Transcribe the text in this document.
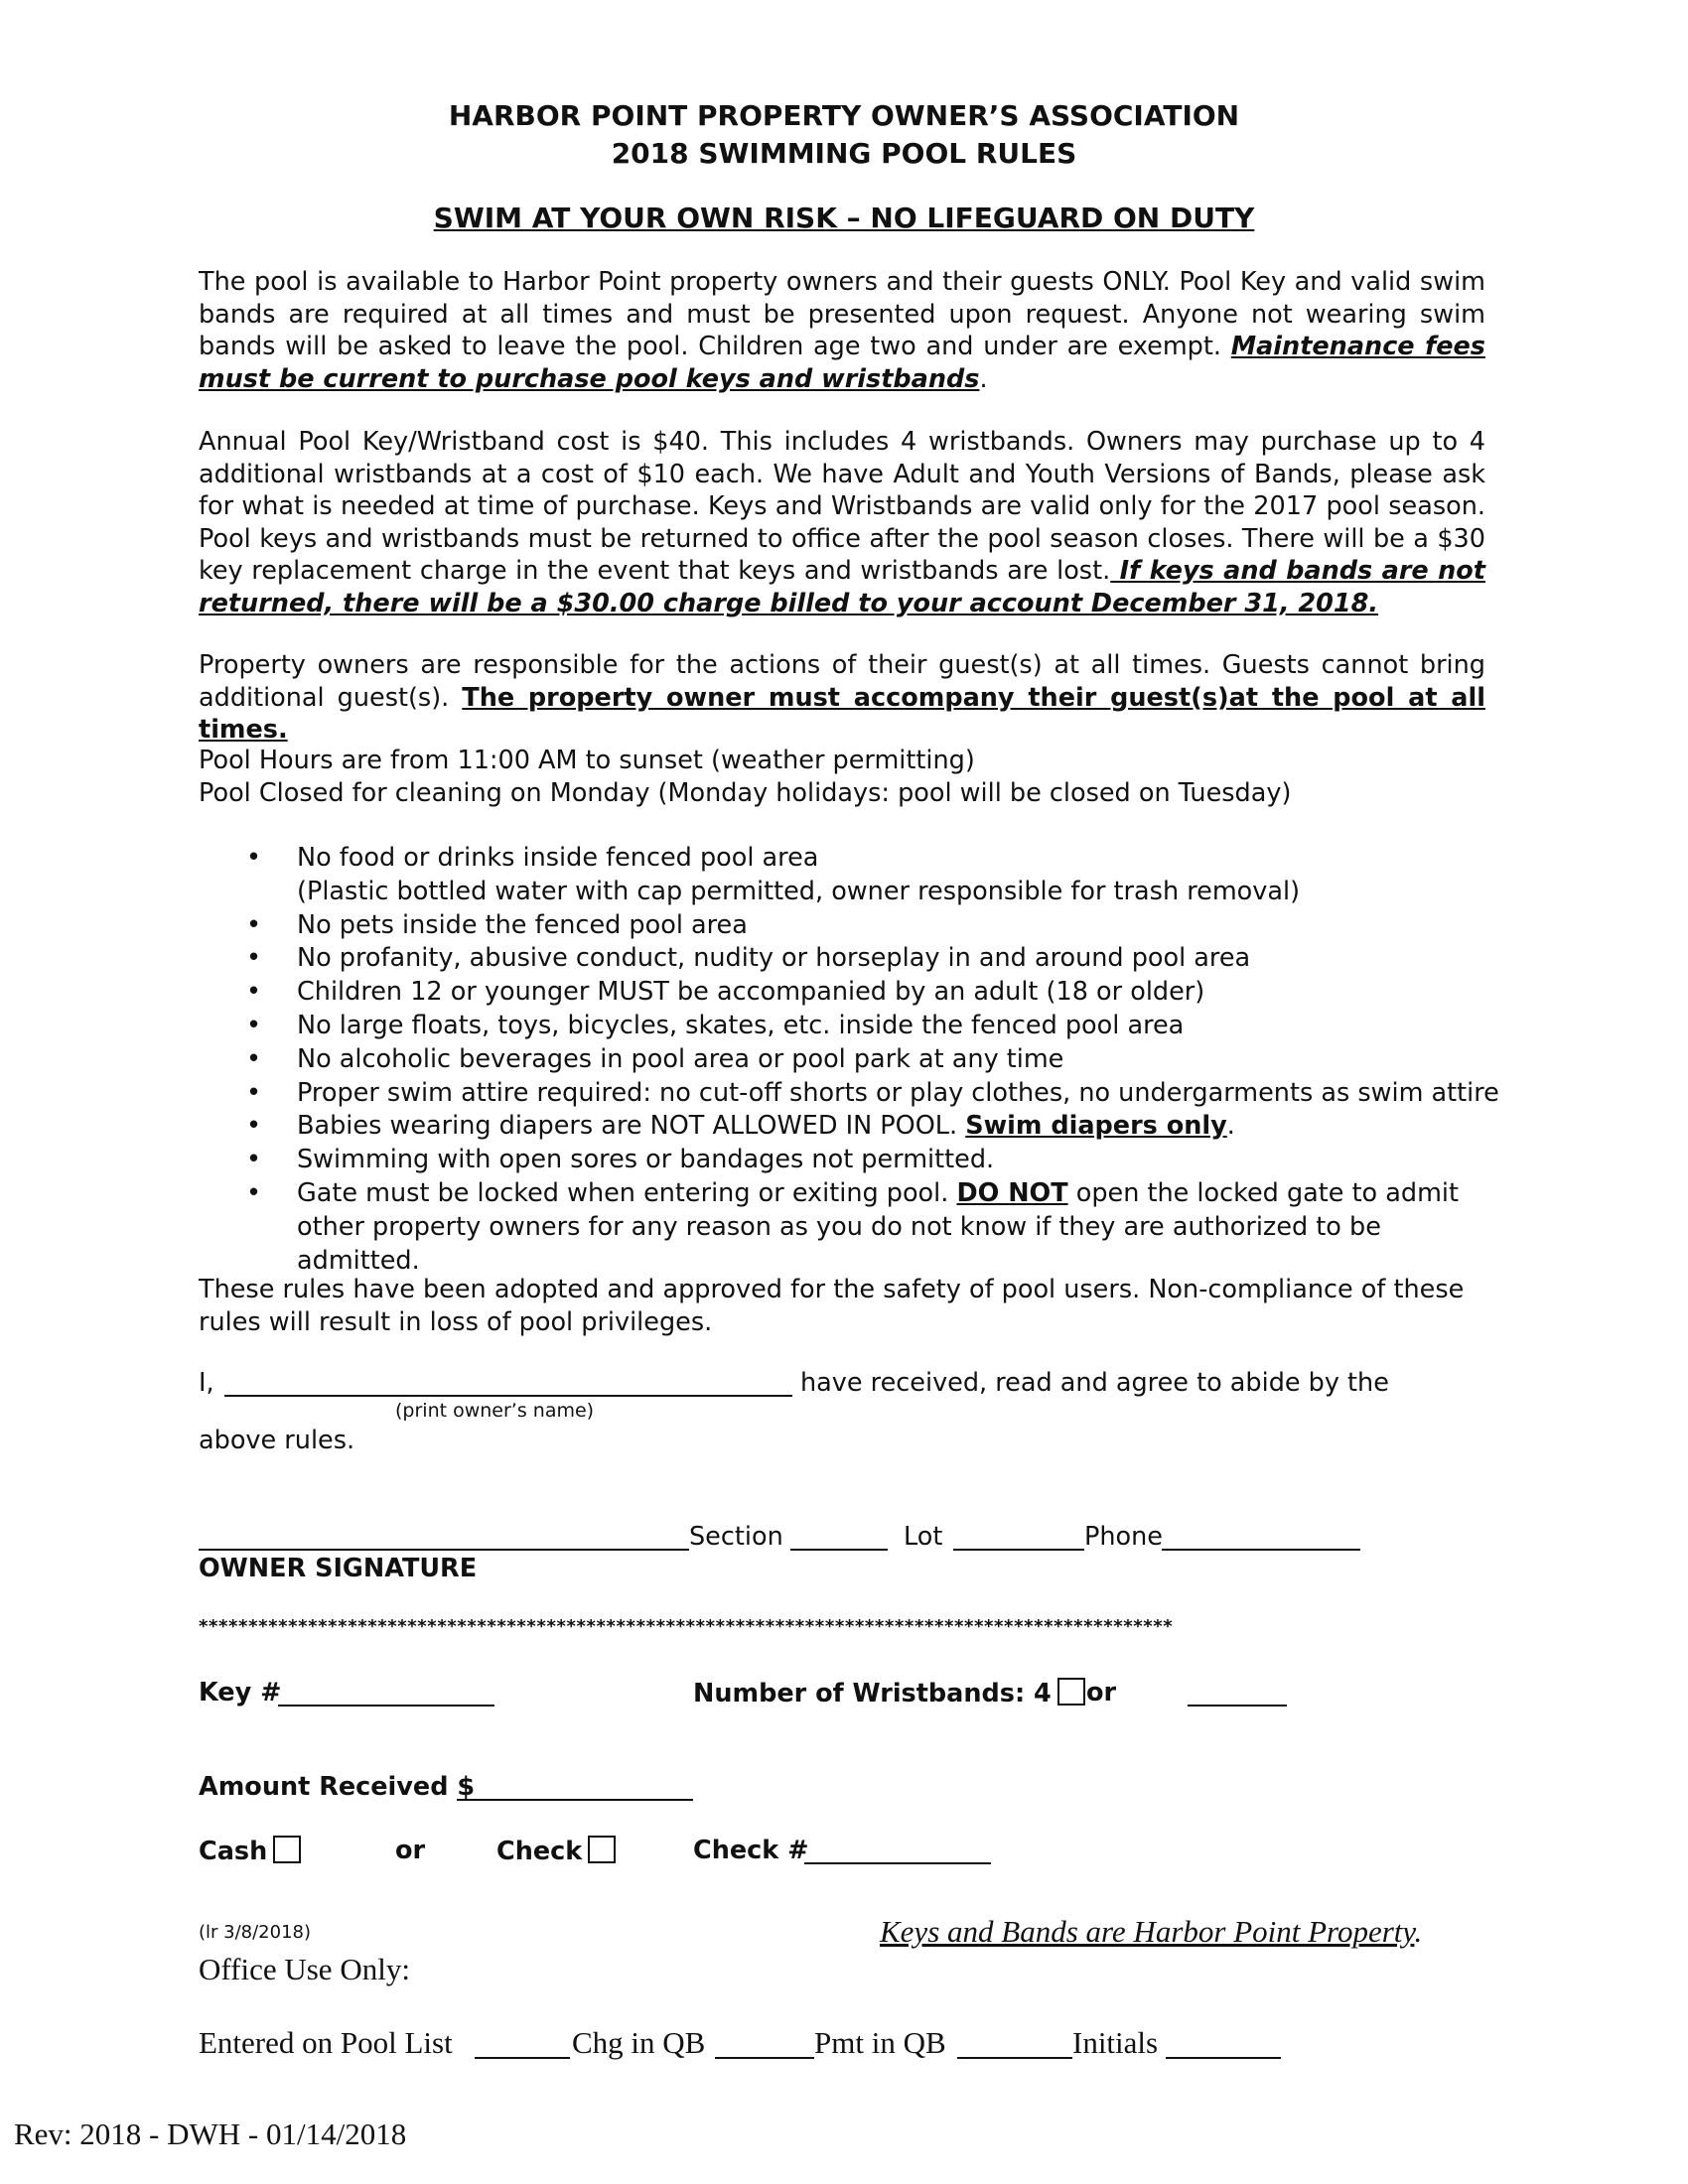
HARBOR POINT PROPERTY OWNER’S ASSOCIATION
2018 SWIMMING POOL RULES
SWIM AT YOUR OWN RISK – NO LIFEGUARD ON DUTY
The pool is available to Harbor Point property owners and their guests ONLY. Pool Key and valid swim bands are required at all times and must be presented upon request. Anyone not wearing swim bands will be asked to leave the pool. Children age two and under are exempt. Maintenance fees must be current to purchase pool keys and wristbands.
Annual Pool Key/Wristband cost is $40. This includes 4 wristbands. Owners may purchase up to 4 additional wristbands at a cost of $10 each. We have Adult and Youth Versions of Bands, please ask for what is needed at time of purchase. Keys and Wristbands are valid only for the 2017 pool season. Pool keys and wristbands must be returned to office after the pool season closes. There will be a $30 key replacement charge in the event that keys and wristbands are lost. If keys and bands are not returned, there will be a $30.00 charge billed to your account December 31, 2018.
Property owners are responsible for the actions of their guest(s) at all times. Guests cannot bring additional guest(s). The property owner must accompany their guest(s)at the pool at all times.
Pool Hours are from 11:00 AM to sunset (weather permitting)
Pool Closed for cleaning on Monday (Monday holidays: pool will be closed on Tuesday)
• No food or drinks inside fenced pool area
(Plastic bottled water with cap permitted, owner responsible for trash removal)
• No pets inside the fenced pool area
• No profanity, abusive conduct, nudity or horseplay in and around pool area
• Children 12 or younger MUST be accompanied by an adult (18 or older)
• No large floats, toys, bicycles, skates, etc. inside the fenced pool area
• No alcoholic beverages in pool area or pool park at any time
• Proper swim attire required: no cut-off shorts or play clothes, no undergarments as swim attire
• Babies wearing diapers are NOT ALLOWED IN POOL. Swim diapers only.
• Swimming with open sores or bandages not permitted.
• Gate must be locked when entering or exiting pool. DO NOT open the locked gate to admit other property owners for any reason as you do not know if they are authorized to be admitted.
These rules have been adopted and approved for the safety of pool users. Non-compliance of these rules will result in loss of pool privileges.
I,	have received, read and agree to abide by the
(print owner’s name)
above rules.
Section	Lot	Phone
OWNER SIGNATURE
**************************************************************************************************
Key #	Number of Wristbands: 4	or
Amount Received $
Cash	or	Check	Check #
(lr 3/8/2018)	Keys and Bands are Harbor Point Property.
Office Use Only:
Entered on Pool List	Chg in QB	Pmt in QB	Initials
Rev: 2018 - DWH - 01/14/2018
